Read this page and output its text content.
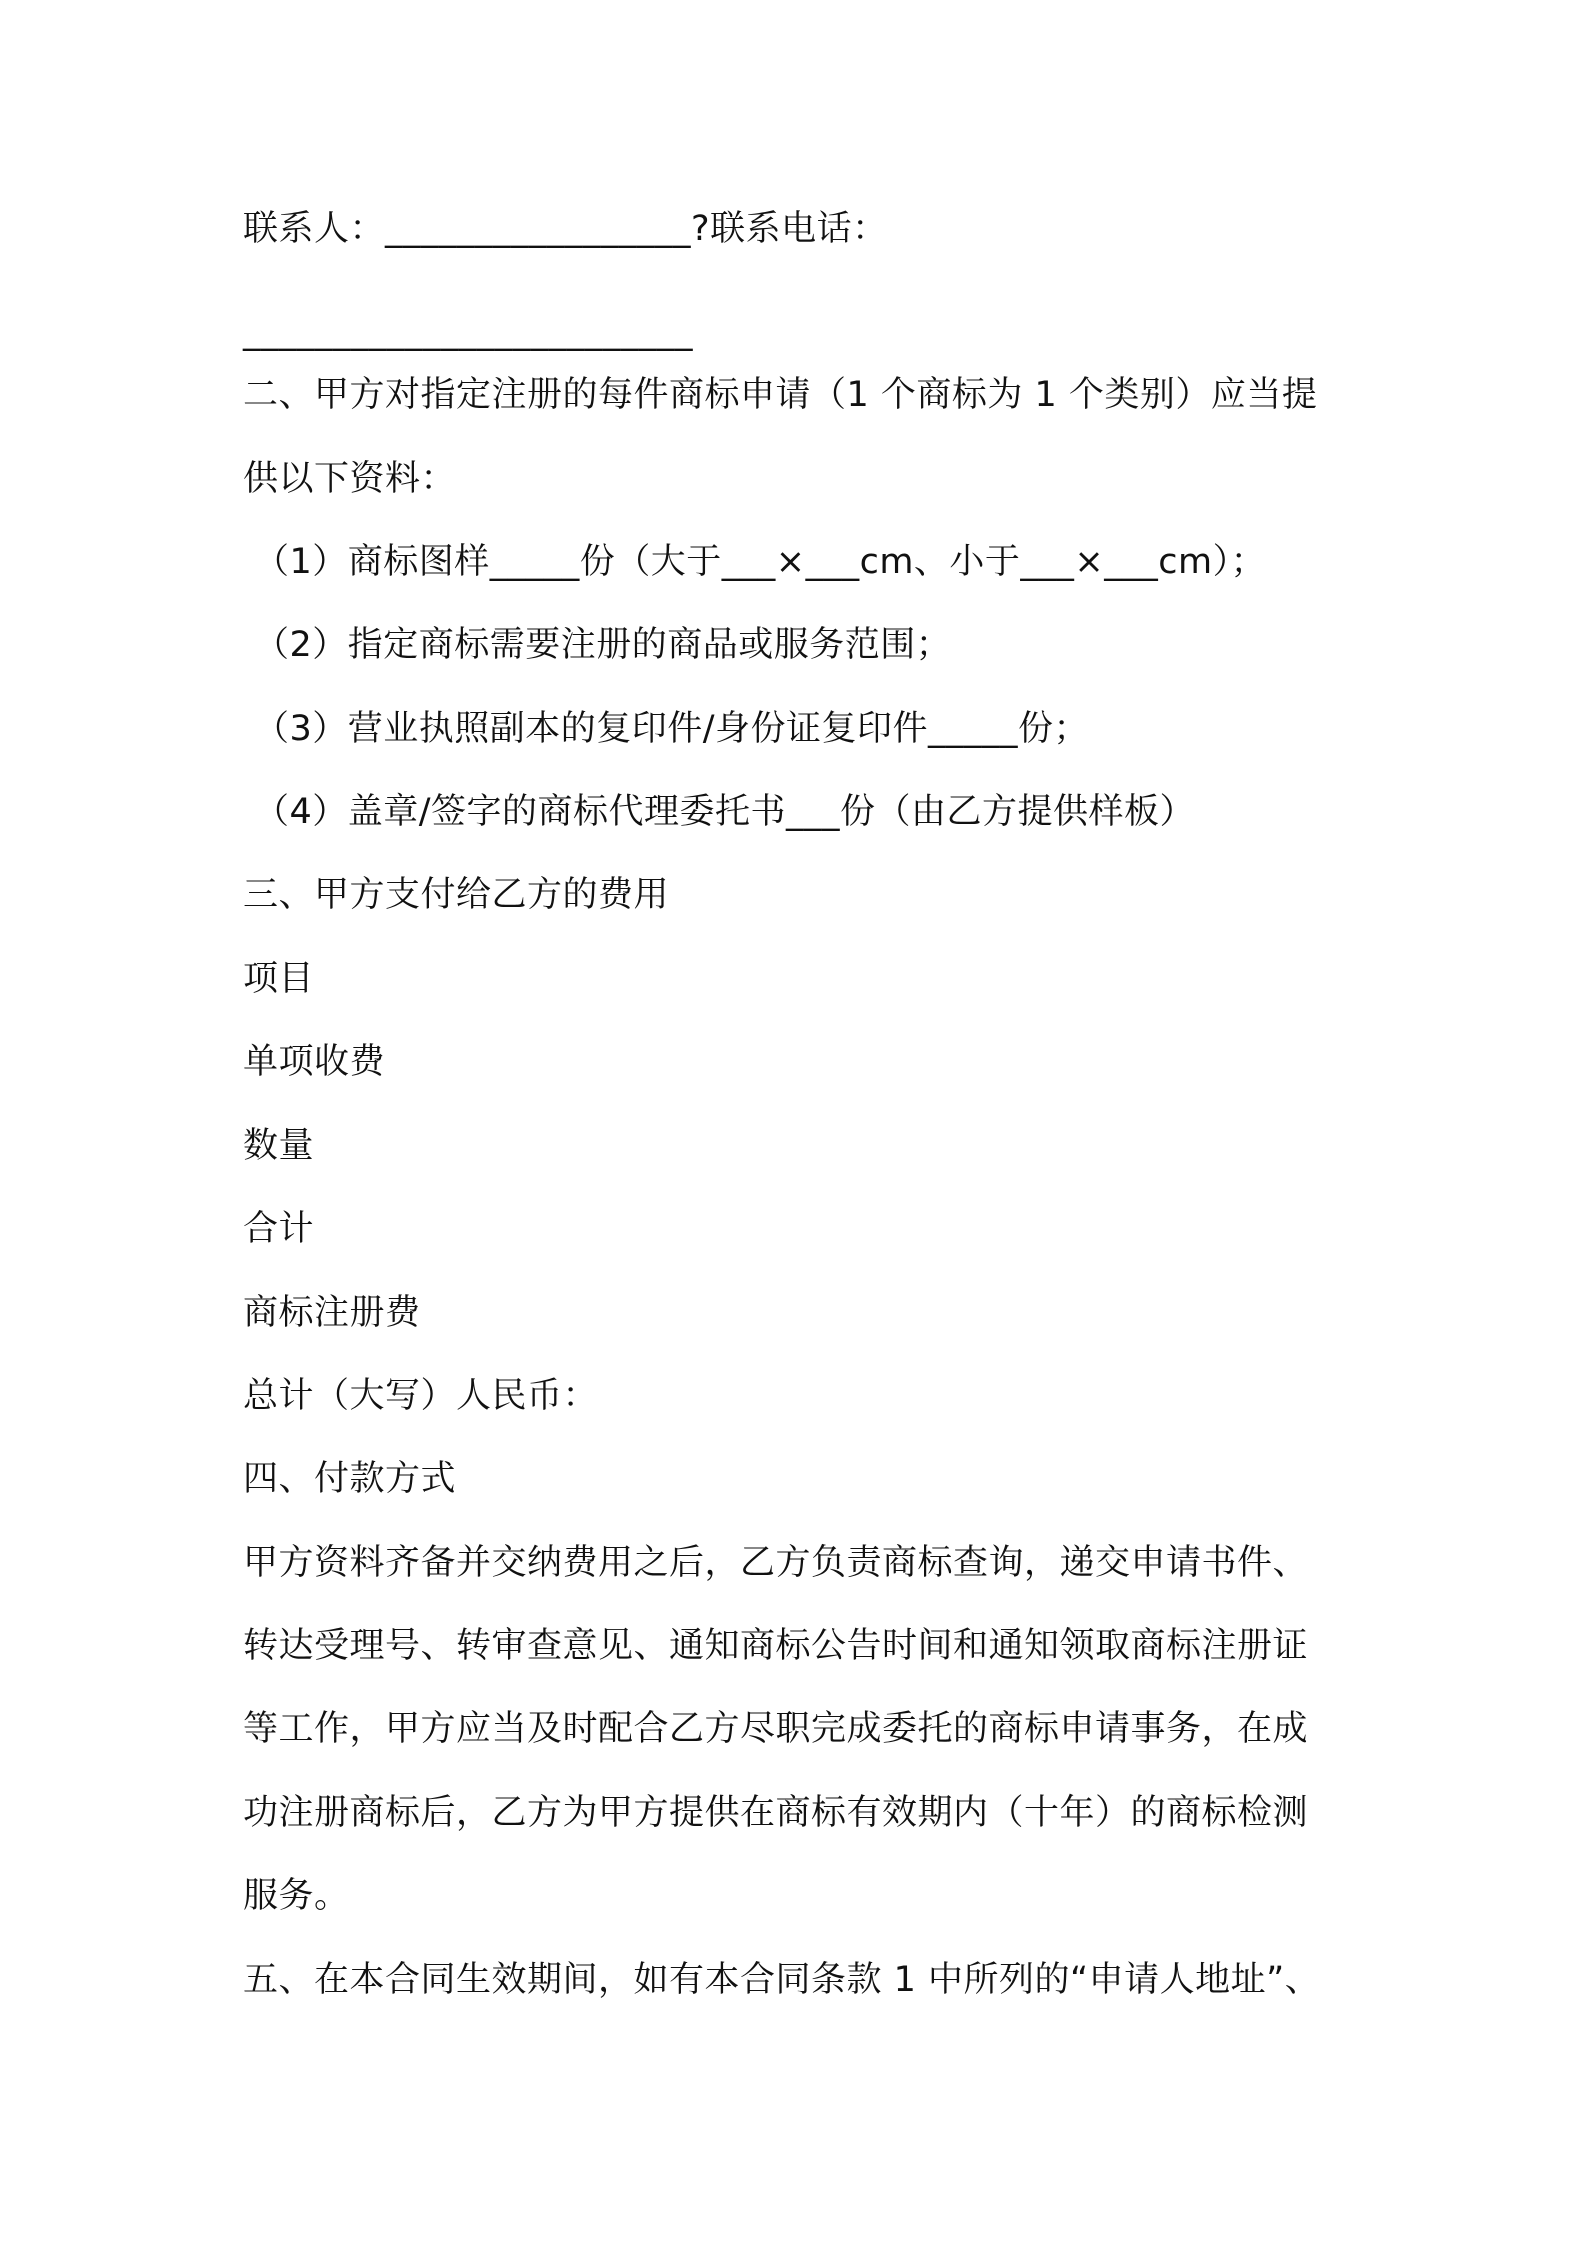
联系人：_________________?联系电话：
_________________________
二、甲方对指定注册的每件商标申请（1 个商标为 1 个类别）应当提
供以下资料：
（1）商标图样_____份（大于___×___cm、小于___×___cm）；
（2）指定商标需要注册的商品或服务范围；
（3）营业执照副本的复印件/身份证复印件_____份；
（4）盖章/签字的商标代理委托书___份（由乙方提供样板）
三、甲方支付给乙方的费用
项目
单项收费
数量
合计
商标注册费
总计（大写）人民币：
四、付款方式
甲方资料齐备并交纳费用之后，乙方负责商标查询，递交申请书件、
转达受理号、转审查意见、通知商标公告时间和通知领取商标注册证
等工作，甲方应当及时配合乙方尽职完成委托的商标申请事务，在成
功注册商标后，乙方为甲方提供在商标有效期内（十年）的商标检测
服务。
五、在本合同生效期间，如有本合同条款 1 中所列的“申请人地址”、
